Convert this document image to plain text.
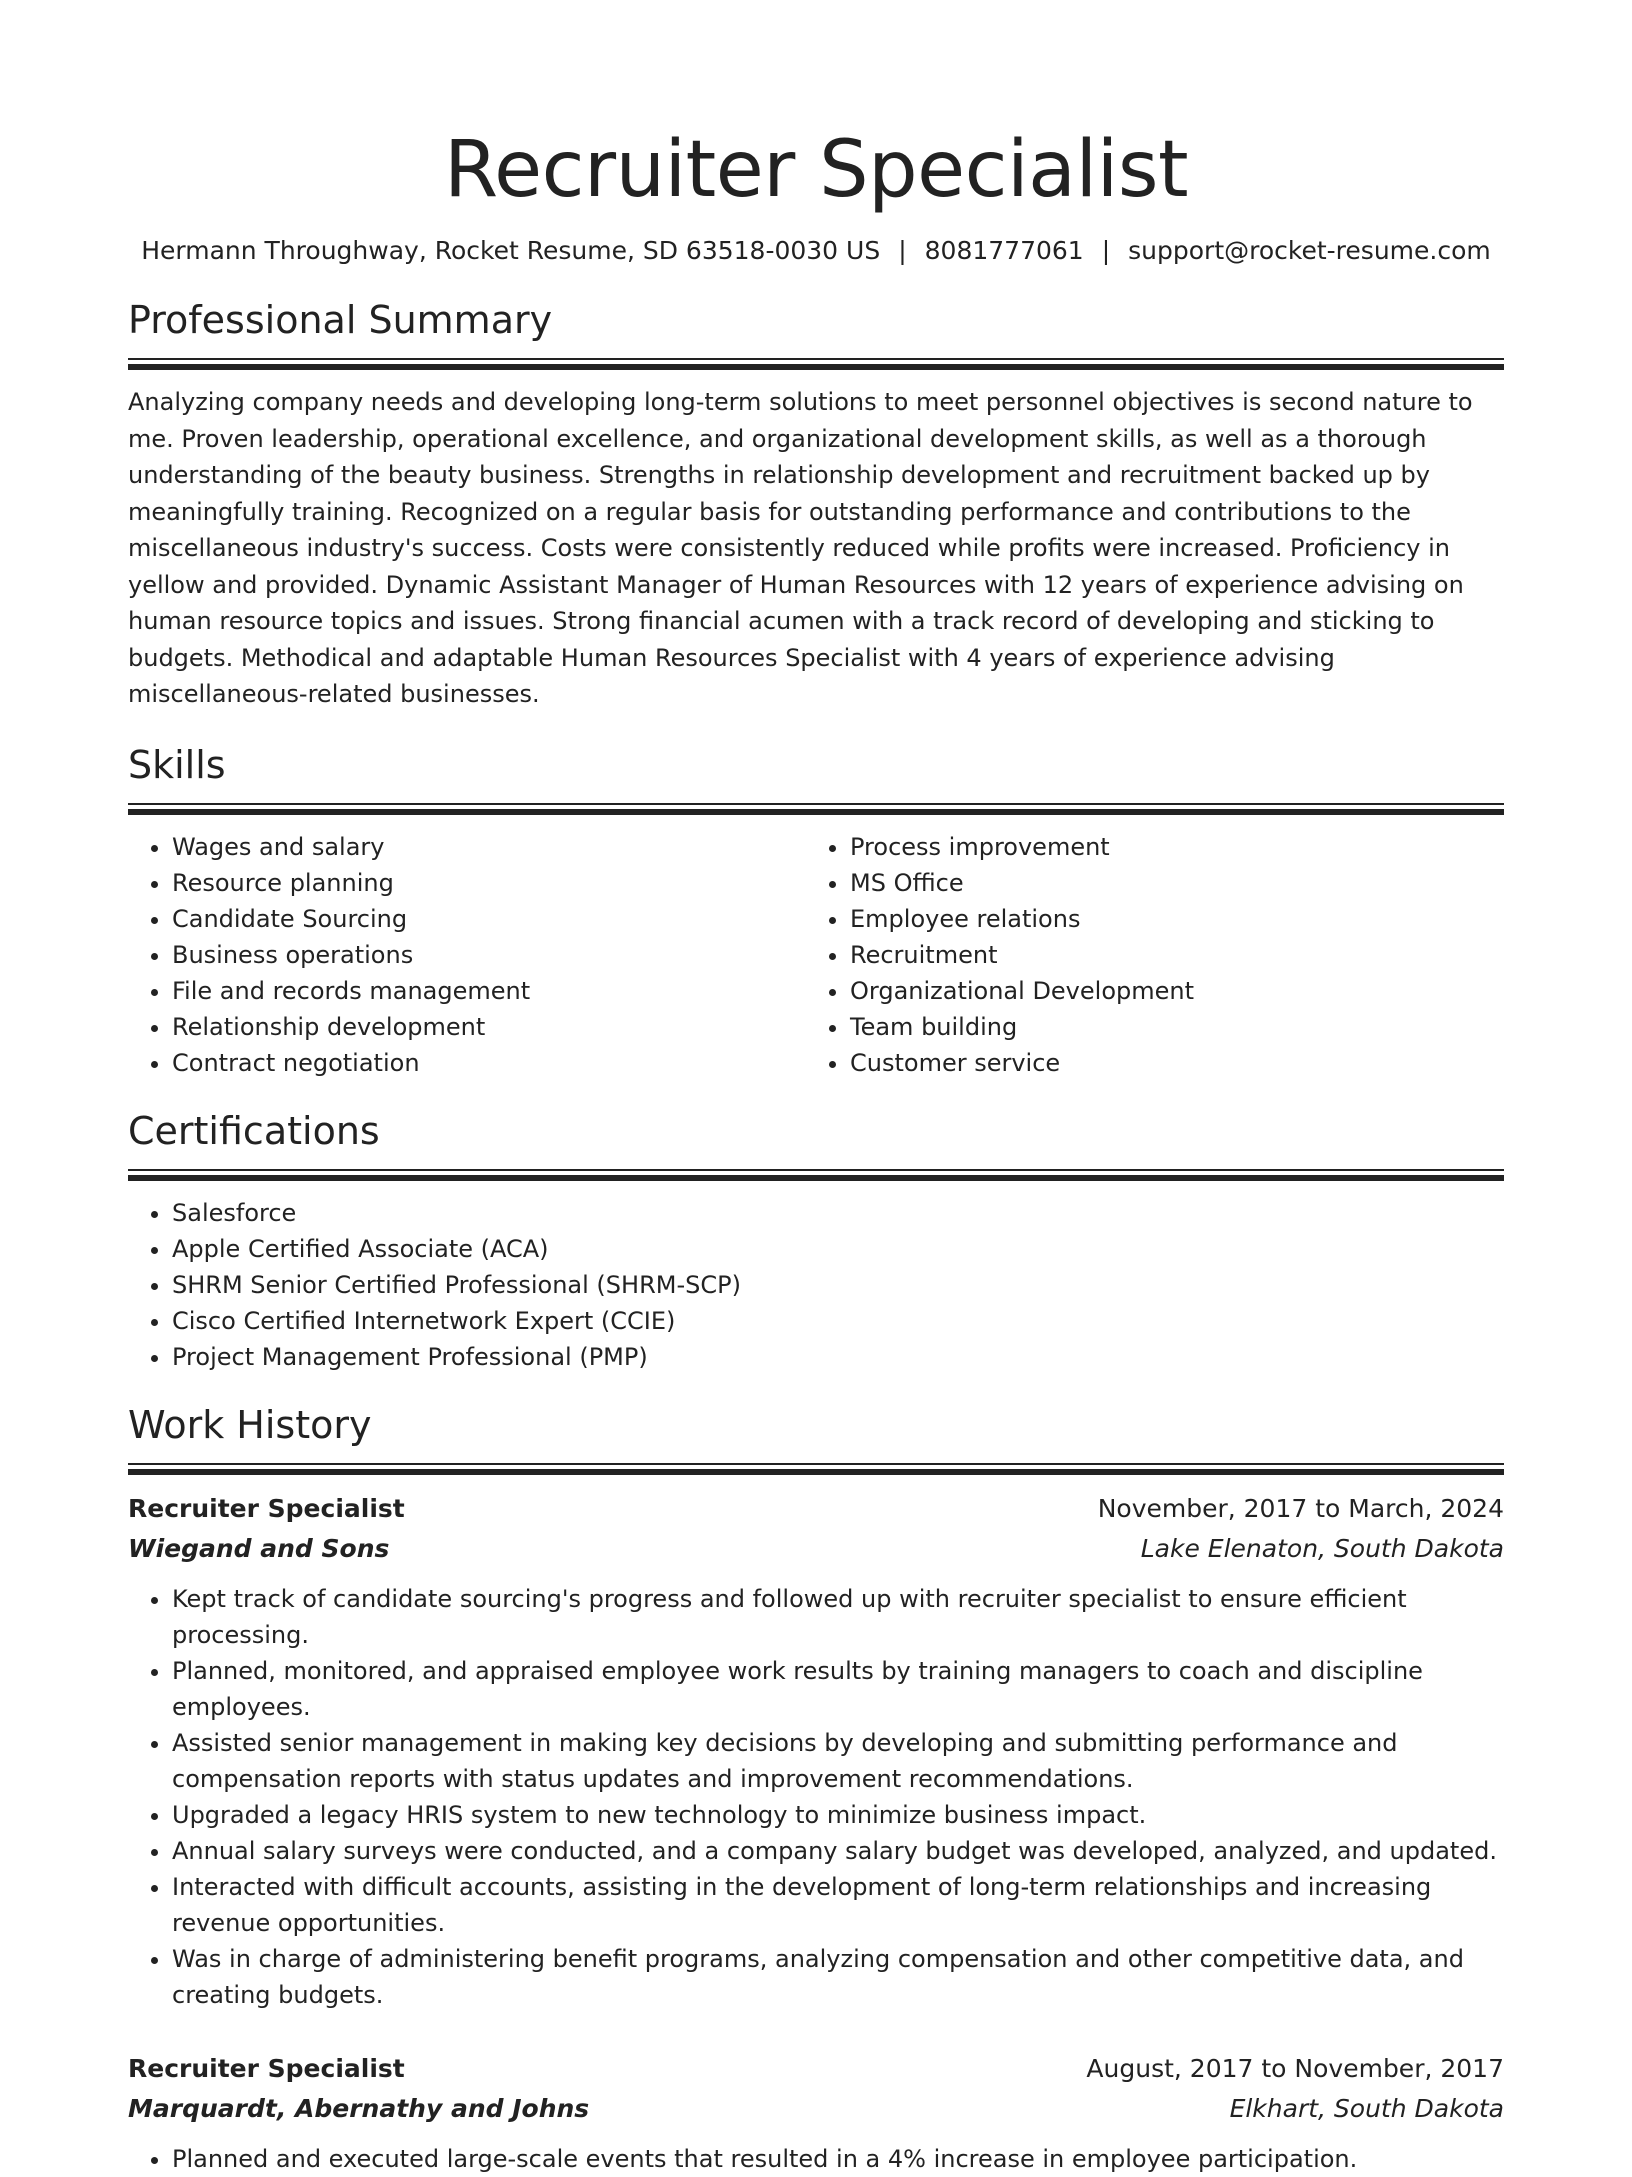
Recruiter Specialist
Hermann Throughway, Rocket Resume, SD 63518-0030 US | 8081777061 | support@rocket-resume.com
Professional Summary

Analyzing company needs and developing long-term solutions to meet personnel objectives is second nature to me. Proven leadership, operational excellence, and organizational development skills, as well as a thorough understanding of the beauty business. Strengths in relationship development and recruitment backed up by meaningfully training. Recognized on a regular basis for outstanding performance and contributions to the miscellaneous industry's success. Costs were consistently reduced while profits were increased. Proficiency in yellow and provided. Dynamic Assistant Manager of Human Resources with 12 years of experience advising on human resource topics and issues. Strong financial acumen with a track record of developing and sticking to budgets. Methodical and adaptable Human Resources Specialist with 4 years of experience advising miscellaneous-related businesses.

Skills
• Wages and salary
• Resource planning
• Candidate Sourcing
• Business operations
• File and records management
• Relationship development
• Contract negotiation
• Process improvement
• MS Office
• Employee relations
• Recruitment
• Organizational Development
• Team building
• Customer service
Certifications
• Salesforce
• Apple Certified Associate (ACA)
• SHRM Senior Certified Professional (SHRM-SCP)
• Cisco Certified Internetwork Expert (CCIE)
• Project Management Professional (PMP)
Work History
Recruiter Specialist	November, 2017 to March, 2024
Wiegand and Sons	Lake Elenaton, South Dakota
• Kept track of candidate sourcing's progress and followed up with recruiter specialist to ensure efficient processing.
• Planned, monitored, and appraised employee work results by training managers to coach and discipline employees.
• Assisted senior management in making key decisions by developing and submitting performance and compensation reports with status updates and improvement recommendations.
• Upgraded a legacy HRIS system to new technology to minimize business impact.
• Annual salary surveys were conducted, and a company salary budget was developed, analyzed, and updated.
• Interacted with difficult accounts, assisting in the development of long-term relationships and increasing revenue opportunities.
• Was in charge of administering benefit programs, analyzing compensation and other competitive data, and creating budgets.
Recruiter Specialist	August, 2017 to November, 2017
Marquardt, Abernathy and Johns	Elkhart, South Dakota
• Planned and executed large-scale events that resulted in a 4% increase in employee participation.
